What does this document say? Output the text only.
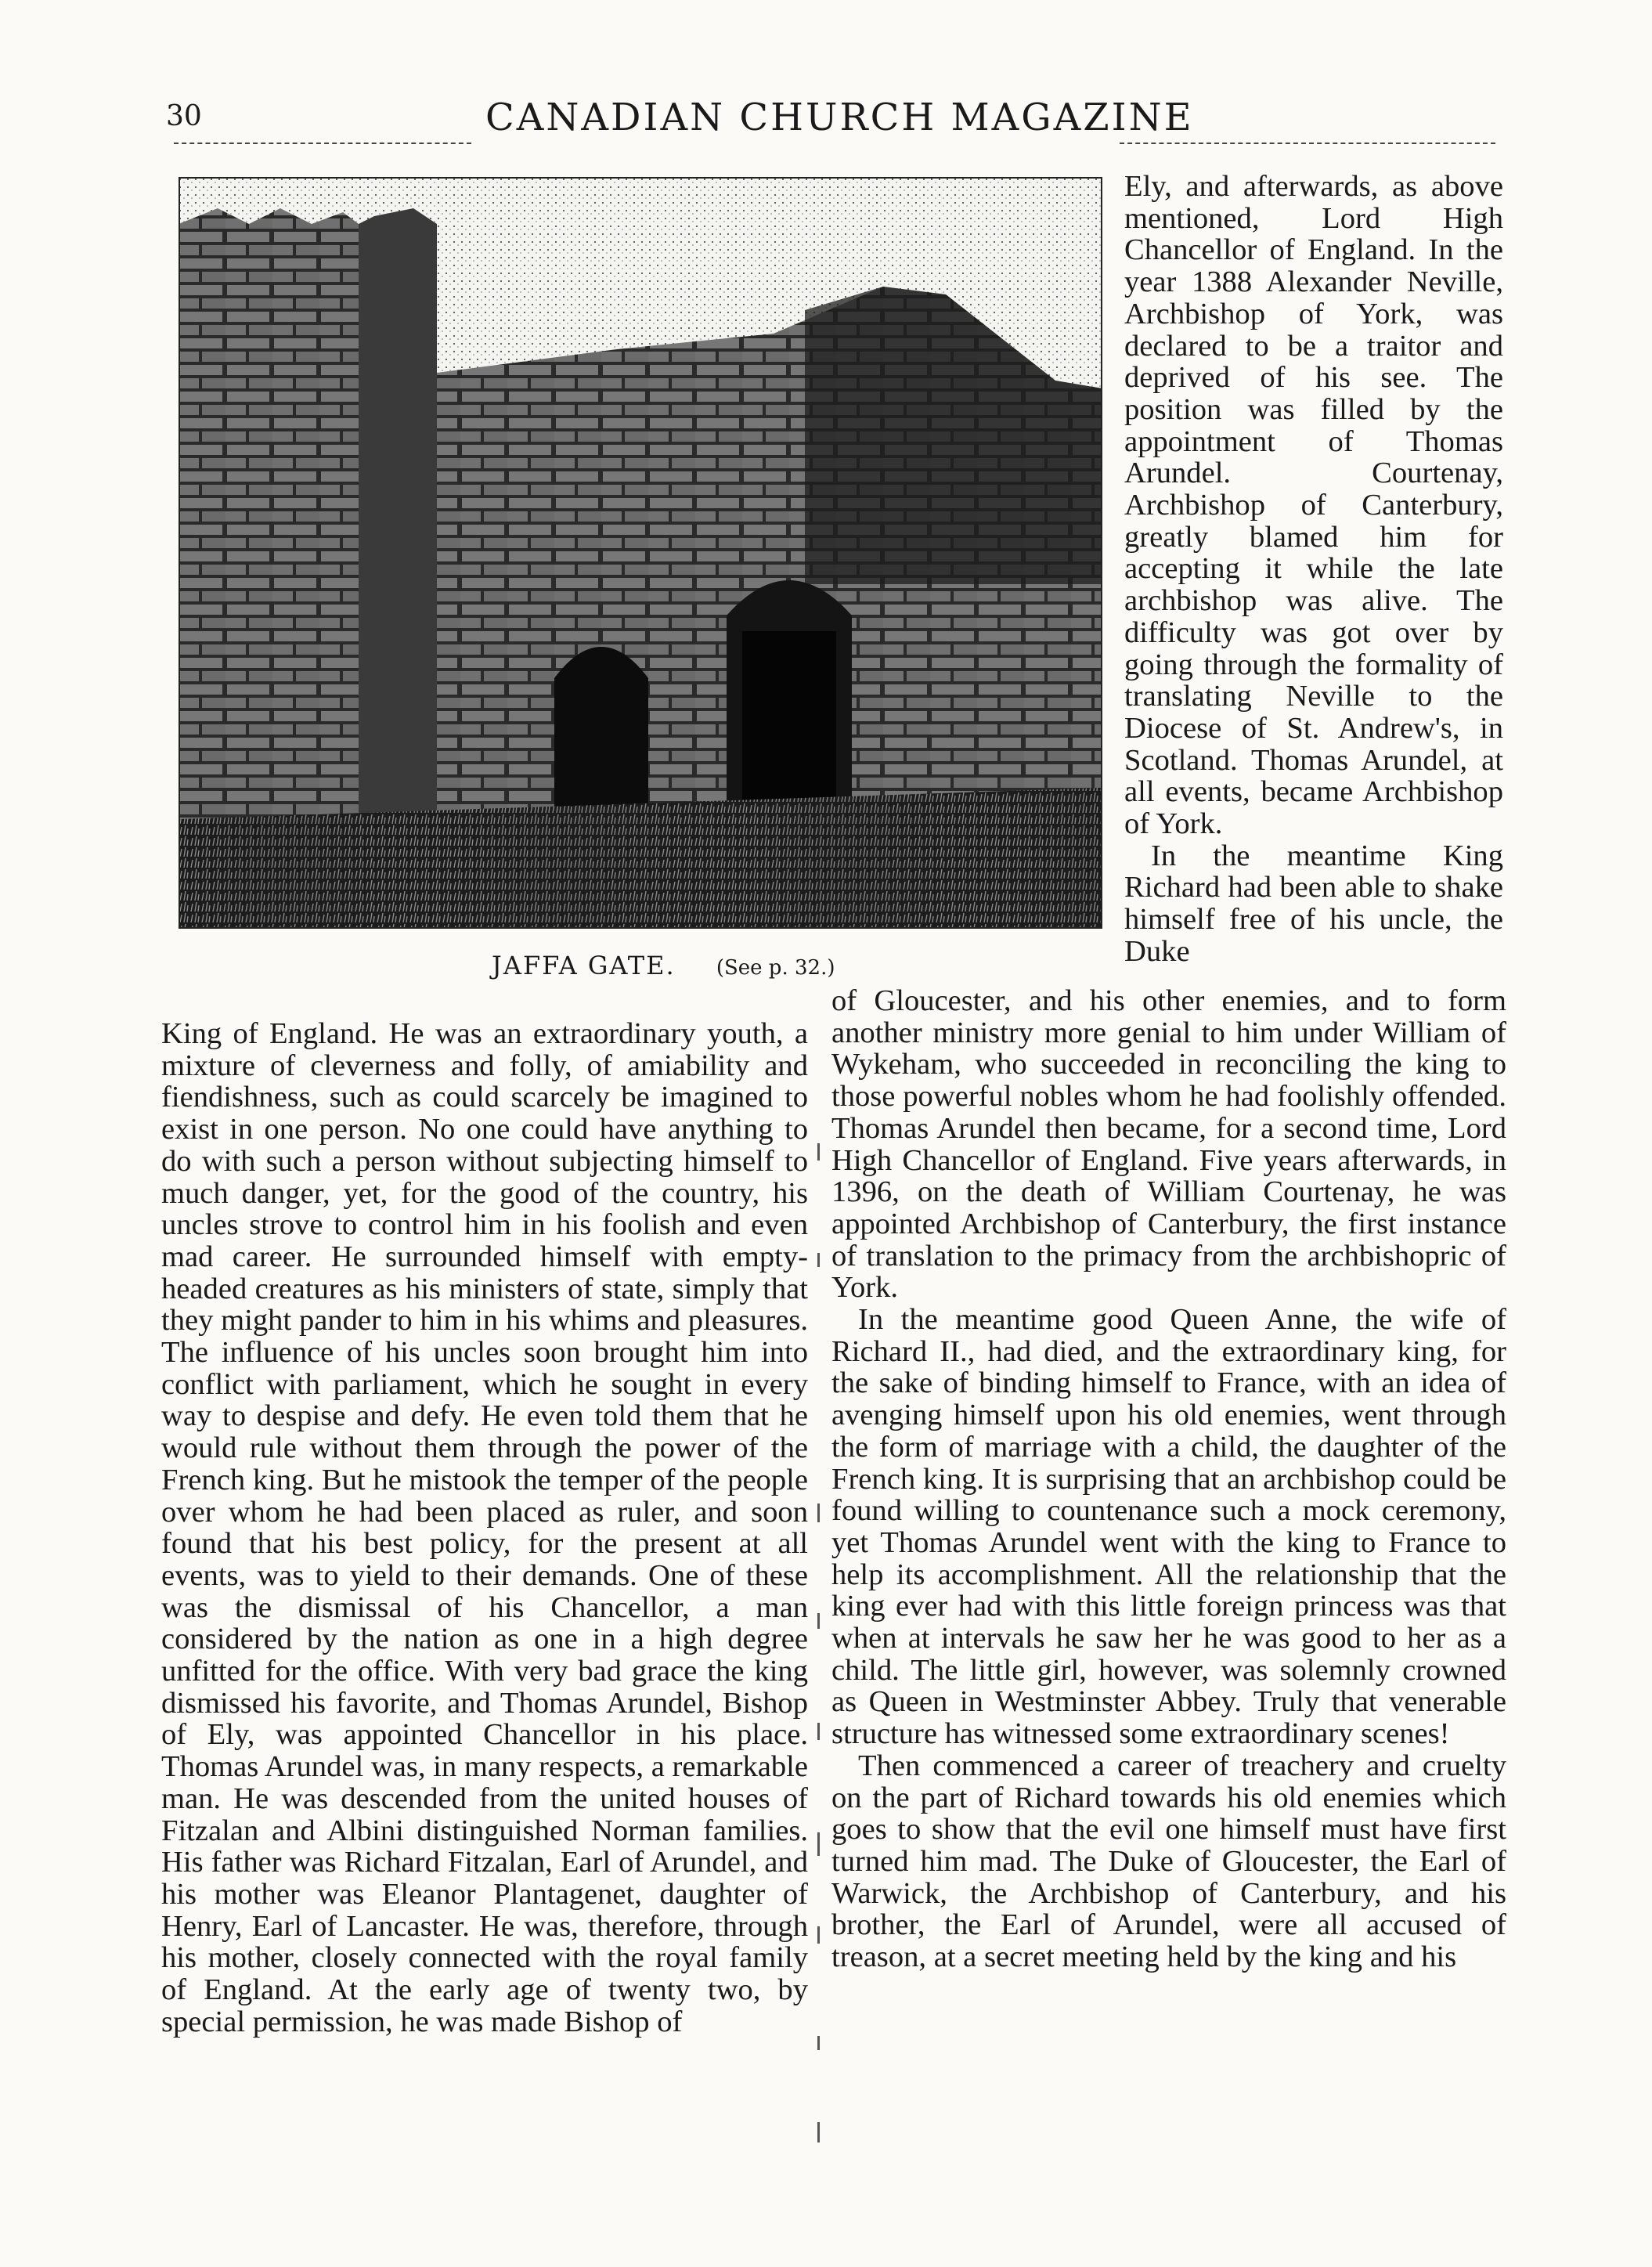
30	CANADIAN CHURCH MAGAZINE
JAFFA GATE. (See p. 32.)

Ely, and afterwards, as above mentioned, Lord High Chancellor of England. In the year 1388 Alexander Neville, Archbishop of York, was declared to be a traitor and deprived of his see. The position was filled by the appointment of Thomas Arundel. Courtenay, Archbishop of Canterbury, greatly blamed him for accepting it while the late archbishop was alive. The difficulty was got over by going through the formality of translating Neville to the Diocese of St. Andrew's, in Scotland. Thomas Arundel, at all events, became Archbishop of York.

In the meantime King Richard had been able to shake himself free of his uncle, the Duke

King of England. He was an extraordinary youth, a mixture of cleverness and folly, of amiability and fiendishness, such as could scarcely be imagined to exist in one person. No one could have anything to do with such a person without subjecting himself to much danger, yet, for the good of the country, his uncles strove to control him in his foolish and even mad career. He surrounded himself with empty-headed creatures as his ministers of state, simply that they might pander to him in his whims and pleasures. The influence of his uncles soon brought him into conflict with parliament, which he sought in every way to despise and defy. He even told them that he would rule without them through the power of the French king. But he mistook the temper of the people over whom he had been placed as ruler, and soon found that his best policy, for the present at all events, was to yield to their demands. One of these was the dismissal of his Chancellor, a man considered by the nation as one in a high degree unfitted for the office. With very bad grace the king dismissed his favorite, and Thomas Arundel, Bishop of Ely, was appointed Chancellor in his place. Thomas Arundel was, in many respects, a remarkable man. He was descended from the united houses of Fitzalan and Albini distinguished Norman families. His father was Richard Fitzalan, Earl of Arundel, and his mother was Eleanor Plantagenet, daughter of Henry, Earl of Lancaster. He was, therefore, through his mother, closely connected with the royal family of England. At the early age of twenty two, by special permission, he was made Bishop of

of Gloucester, and his other enemies, and to form another ministry more genial to him under William of Wykeham, who succeeded in reconciling the king to those powerful nobles whom he had foolishly offended. Thomas Arundel then became, for a second time, Lord High Chancellor of England. Five years afterwards, in 1396, on the death of William Courtenay, he was appointed Archbishop of Canterbury, the first instance of translation to the primacy from the archbishopric of York.

In the meantime good Queen Anne, the wife of Richard II., had died, and the extraordinary king, for the sake of binding himself to France, with an idea of avenging himself upon his old enemies, went through the form of marriage with a child, the daughter of the French king. It is surprising that an archbishop could be found willing to countenance such a mock ceremony, yet Thomas Arundel went with the king to France to help its accomplishment. All the relationship that the king ever had with this little foreign princess was that when at intervals he saw her he was good to her as a child. The little girl, however, was solemnly crowned as Queen in Westminster Abbey. Truly that venerable structure has witnessed some extraordinary scenes!

Then commenced a career of treachery and cruelty on the part of Richard towards his old enemies which goes to show that the evil one himself must have first turned him mad. The Duke of Gloucester, the Earl of Warwick, the Archbishop of Canterbury, and his brother, the Earl of Arundel, were all accused of treason, at a secret meeting held by the king and his
